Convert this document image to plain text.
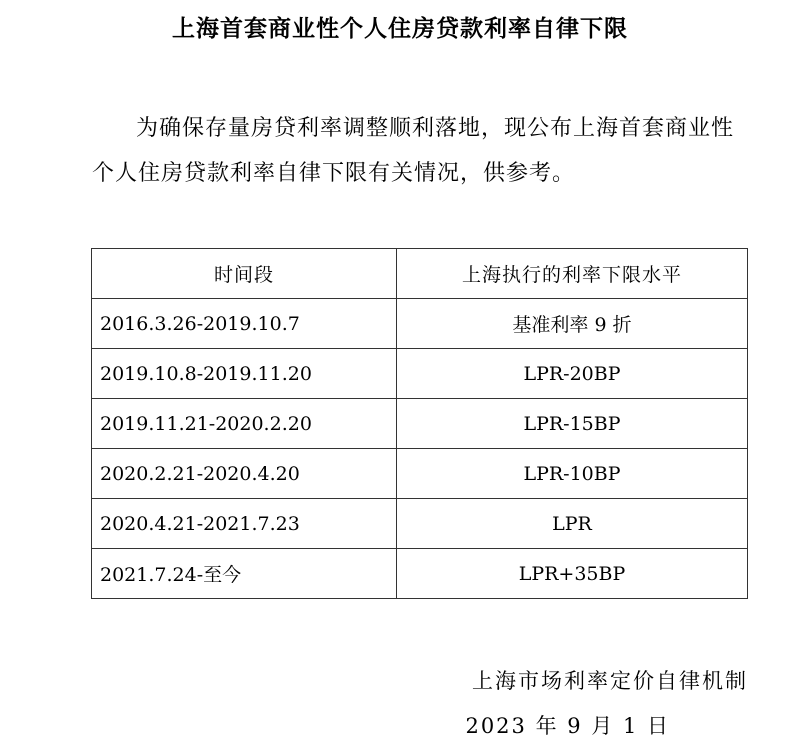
上海首套商业性个人住房贷款利率自律下限

为确保存量房贷利率调整顺利落地，现公布上海首套商业性个人住房贷款利率自律下限有关情况，供参考。

时间段	上海执行的利率下限水平
2016.3.26-2019.10.7	基准利率 9 折
2019.10.8-2019.11.20	LPR-20BP
2019.11.21-2020.2.20	LPR-15BP
2020.2.21-2020.4.20	LPR-10BP
2020.4.21-2021.7.23	LPR
2021.7.24-至今	LPR+35BP
上海市场利率定价自律机制
2023 年 9 月 1 日
